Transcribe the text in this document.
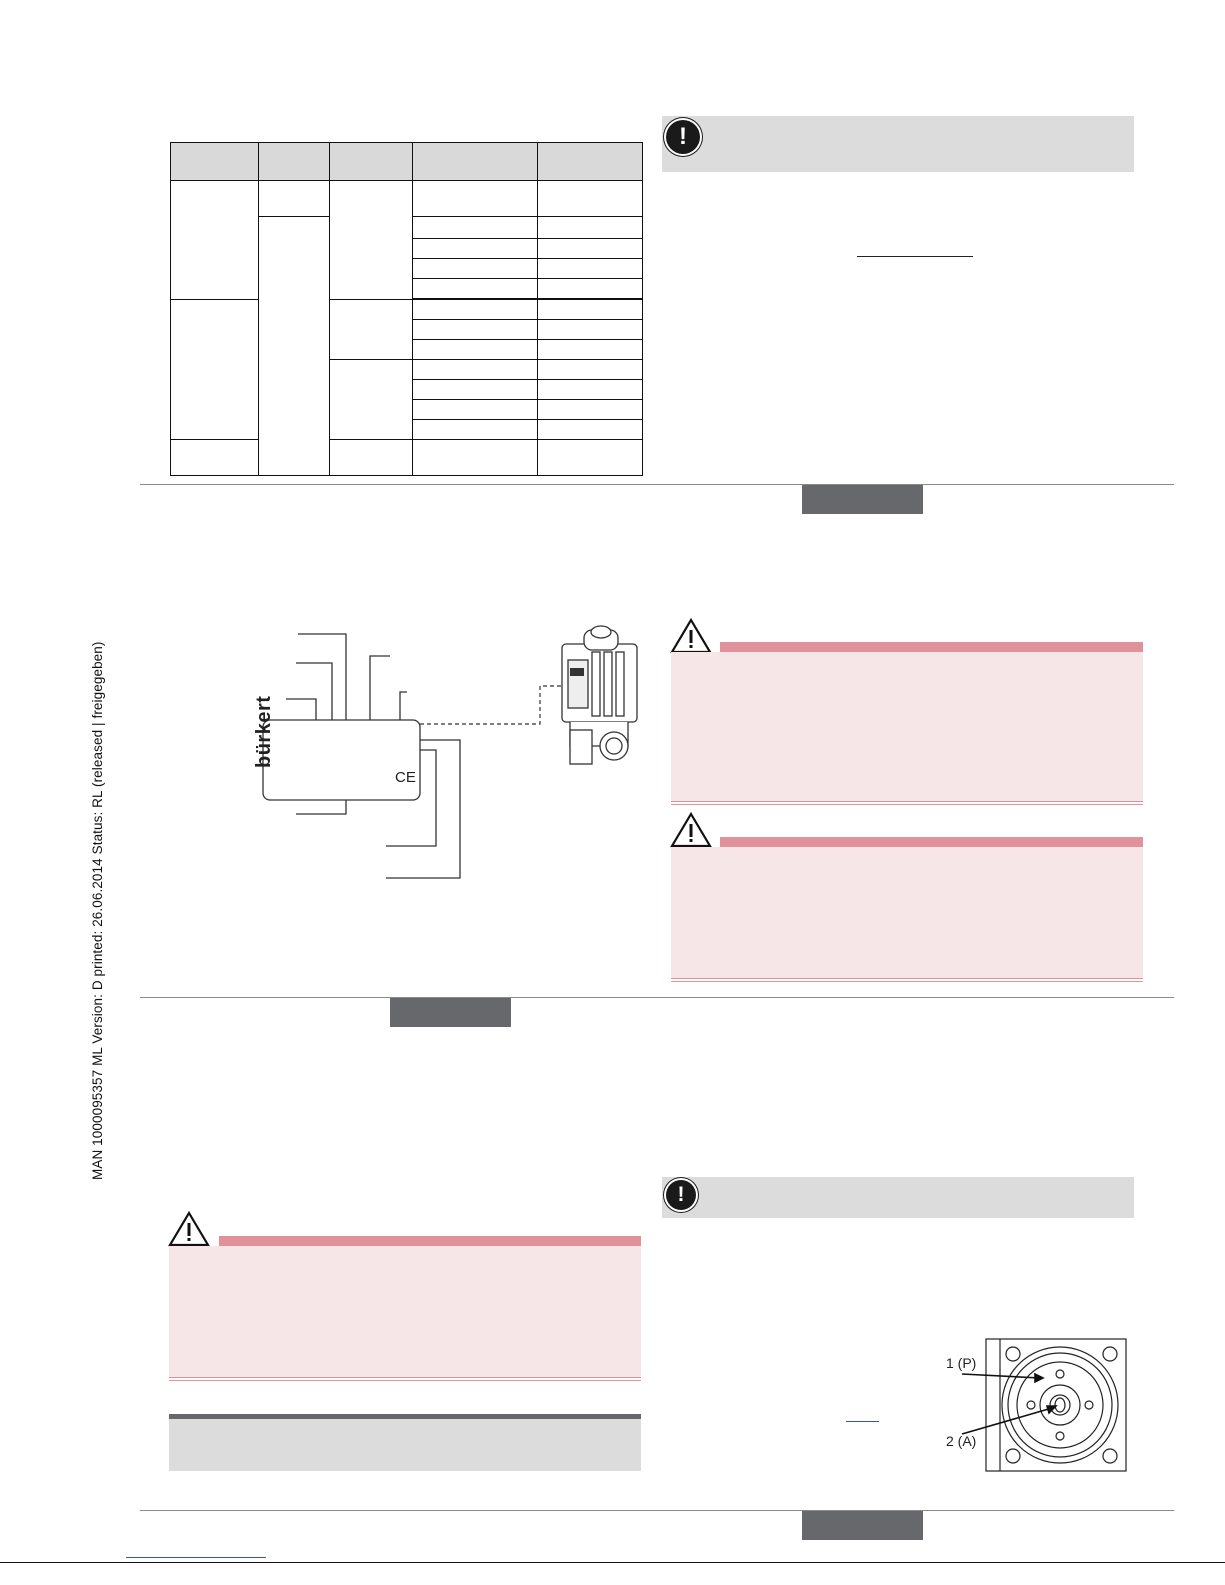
MAN 1000095357 ML Version: D printed: 26.06.2014 Status: RL (released | freigegeben)

!
bürkert
CE
!
1 (P)
2 (A)
